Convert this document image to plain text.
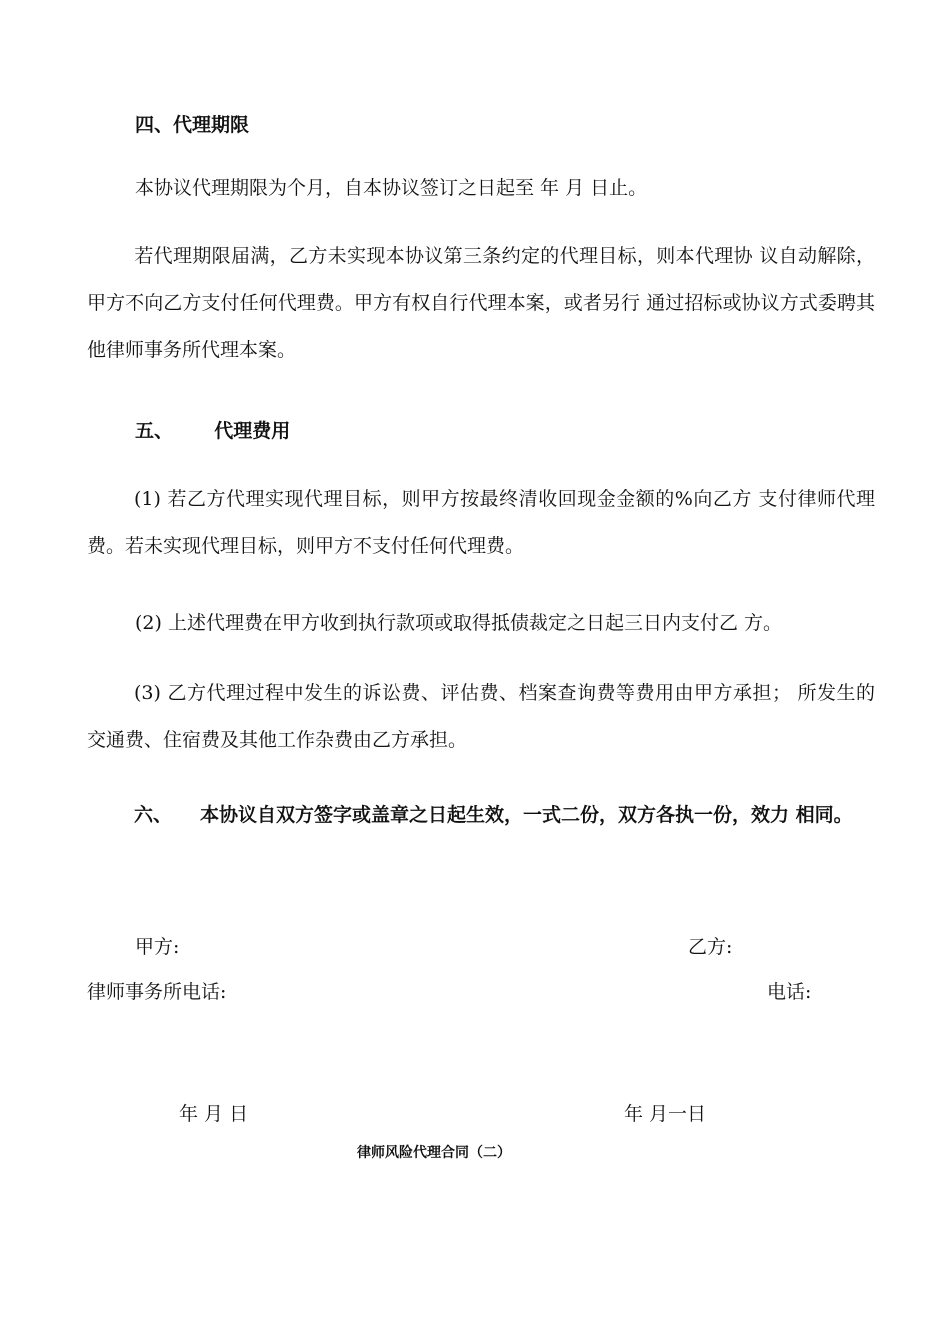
四、代理期限
本协议代理期限为个月，自本协议签订之日起至 年 月 日止。
若代理期限届满，乙方未实现本协议第三条约定的代理目标，则本代理协 议自动解除，甲方不向乙方支付任何代理费。甲方有权自行代理本案，或者另行 通过招标或协议方式委聘其他律师事务所代理本案。
五、 代理费用
(1) 若乙方代理实现代理目标，则甲方按最终清收回现金金额的%向乙方 支付律师代理费。若未实现代理目标，则甲方不支付任何代理费。
(2) 上述代理费在甲方收到执行款项或取得抵债裁定之日起三日内支付乙 方。
(3) 乙方代理过程中发生的诉讼费、评估费、档案查询费等费用由甲方承担； 所发生的交通费、住宿费及其他工作杂费由乙方承担。
六、 本协议自双方签字或盖章之日起生效，一式二份，双方各执一份，效力 相同。
甲方:	乙方:
律师事务所电话:	电话:
年 月 日	年 月一日
律师风险代理合同（二）
